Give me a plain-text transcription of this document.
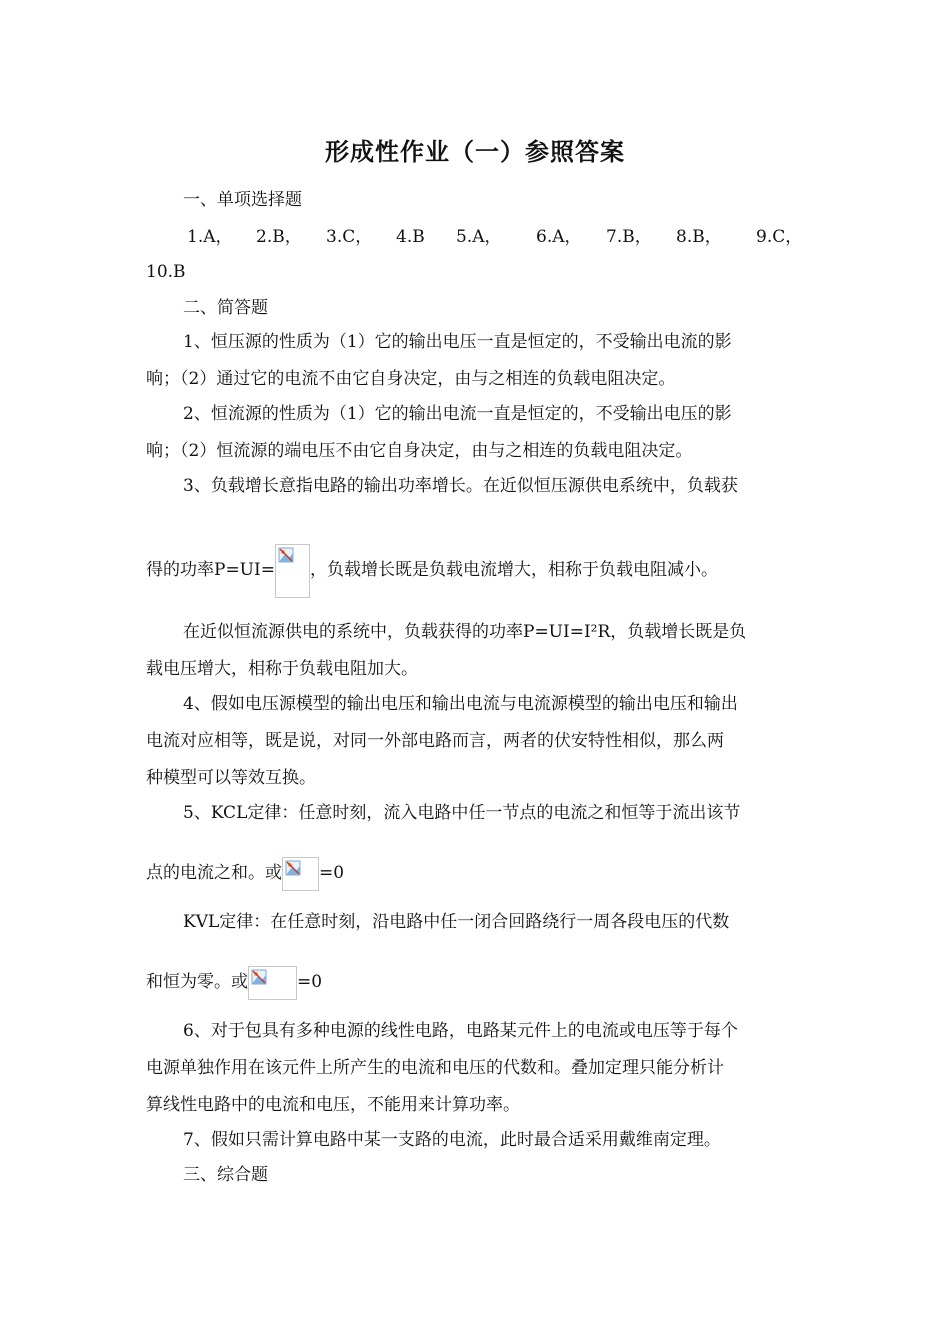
形成性作业（一）参照答案
一、单项选择题
1.A， 2.B， 3.C， 4.B 5.A， 6.A， 7.B， 8.B， 9.C，
10.B
二、简答题
1、恒压源的性质为（1）它的输出电压一直是恒定的，不受输出电流的影
响；（2）通过它的电流不由它自身决定，由与之相连的负载电阻决定。
2、恒流源的性质为（1）它的输出电流一直是恒定的，不受输出电压的影
响；（2）恒流源的端电压不由它自身决定，由与之相连的负载电阻决定。
3、负载增长意指电路的输出功率增长。在近似恒压源供电系统中，负载获
得的功率P=UI= ，负载增长既是负载电流增大，相称于负载电阻减小。
在近似恒流源供电的系统中，负载获得的功率P=UI=I²R，负载增长既是负
载电压增大，相称于负载电阻加大。
4、假如电压源模型的输出电压和输出电流与电流源模型的输出电压和输出
电流对应相等，既是说，对同一外部电路而言，两者的伏安特性相似，那么两
种模型可以等效互换。
5、KCL定律：任意时刻，流入电路中任一节点的电流之和恒等于流出该节
点的电流之和。或 =0
KVL定律：在任意时刻，沿电路中任一闭合回路绕行一周各段电压的代数
和恒为零。或	=0
6、对于包具有多种电源的线性电路，电路某元件上的电流或电压等于每个
电源单独作用在该元件上所产生的电流和电压的代数和。叠加定理只能分析计
算线性电路中的电流和电压，不能用来计算功率。
7、假如只需计算电路中某一支路的电流，此时最合适采用戴维南定理。
三、综合题
